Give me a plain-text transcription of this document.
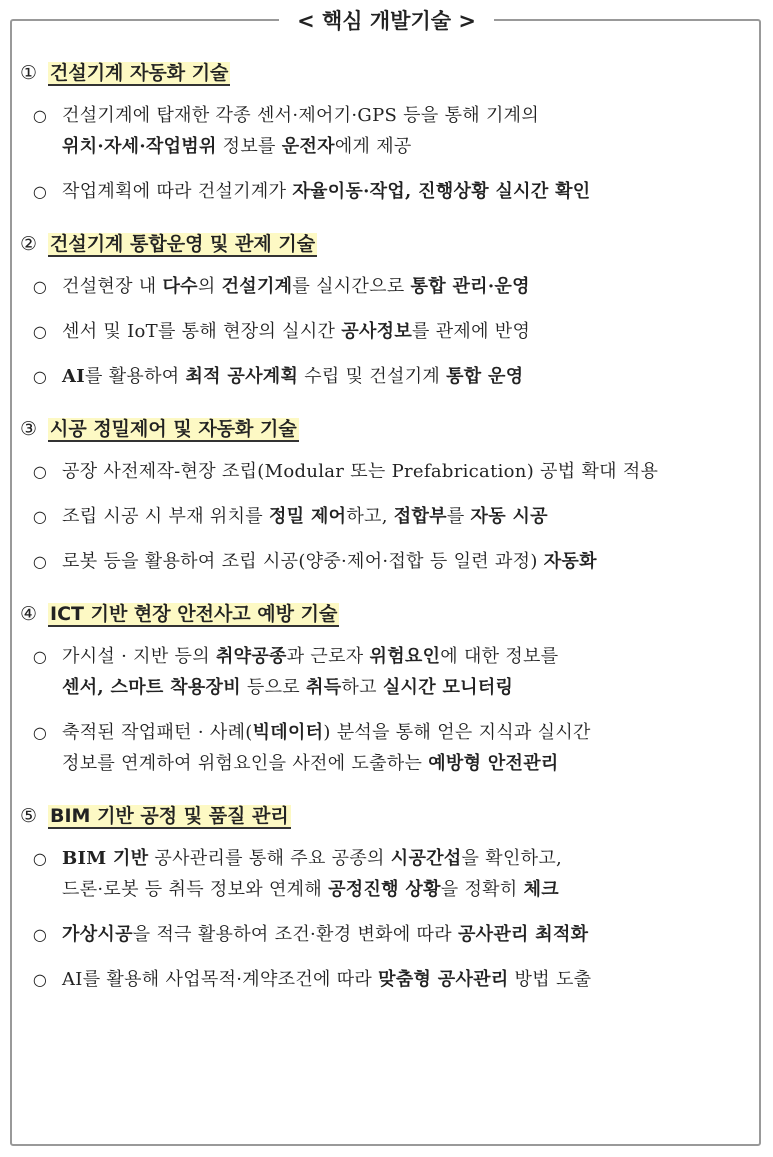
< 핵심 개발기술 >
① 건설기계 자동화 기술
○ 건설기계에 탑재한 각종 센서·제어기·GPS 등을 통해 기계의
위치·자세·작업범위 정보를 운전자에게 제공
○ 작업계획에 따라 건설기계가 자율이동·작업, 진행상황 실시간 확인
② 건설기계 통합운영 및 관제 기술
○ 건설현장 내 다수의 건설기계를 실시간으로 통합 관리·운영
○ 센서 및 IoT를 통해 현장의 실시간 공사정보를 관제에 반영
○ AI를 활용하여 최적 공사계획 수립 및 건설기계 통합 운영
③ 시공 정밀제어 및 자동화 기술
○ 공장 사전제작-현장 조립(Modular 또는 Prefabrication) 공법 확대 적용
○ 조립 시공 시 부재 위치를 정밀 제어하고, 접합부를 자동 시공
○ 로봇 등을 활용하여 조립 시공(양중·제어·접합 등 일련 과정) 자동화
④ ICT 기반 현장 안전사고 예방 기술
○ 가시설 · 지반 등의 취약공종과 근로자 위험요인에 대한 정보를
센서, 스마트 착용장비 등으로 취득하고 실시간 모니터링
○ 축적된 작업패턴 · 사례(빅데이터) 분석을 통해 얻은 지식과 실시간
정보를 연계하여 위험요인을 사전에 도출하는 예방형 안전관리
⑤ BIM 기반 공정 및 품질 관리
○ BIM 기반 공사관리를 통해 주요 공종의 시공간섭을 확인하고,
드론·로봇 등 취득 정보와 연계해 공정진행 상황을 정확히 체크
○ 가상시공을 적극 활용하여 조건·환경 변화에 따라 공사관리 최적화
○ AI를 활용해 사업목적·계약조건에 따라 맞춤형 공사관리 방법 도출
